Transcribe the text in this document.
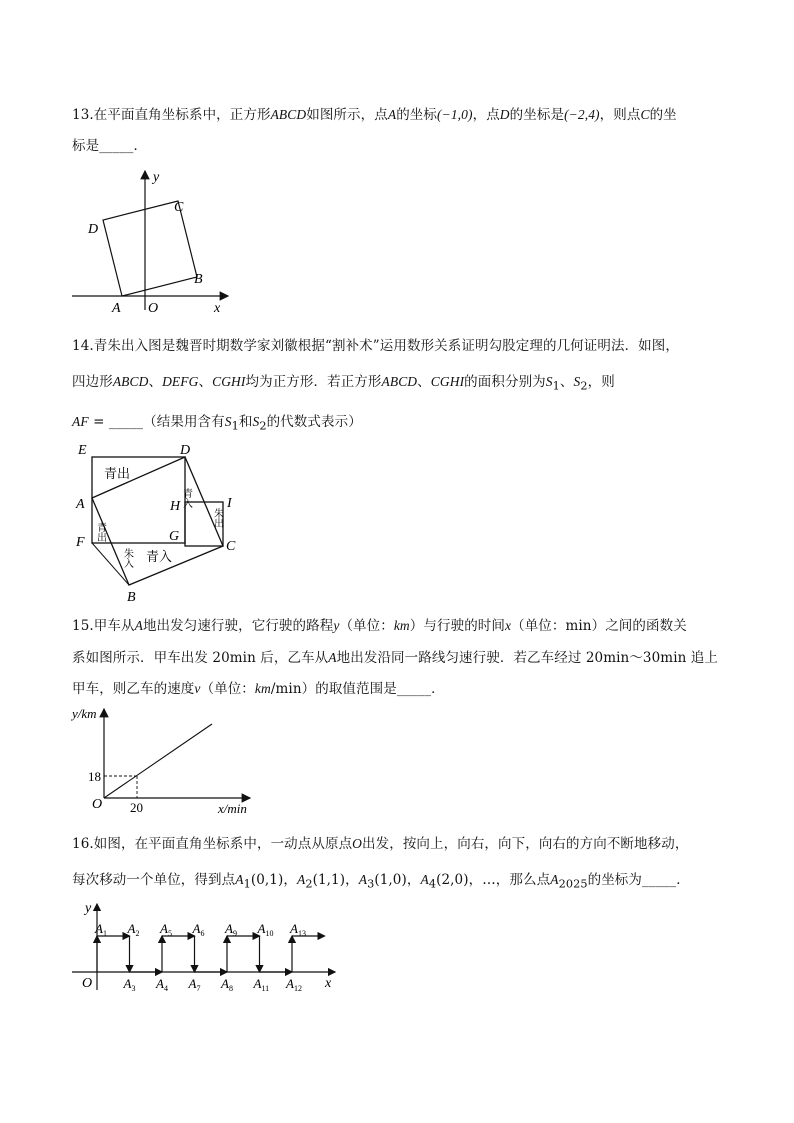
13.在平面直角坐标系中，正方形ABCD如图所示，点A的坐标(−1,0)，点D的坐标是(−2,4)，则点C的坐
标是_____．
D
C
B
A O	x
y
14.青朱出入图是魏晋时期数学家刘徽根据“割补术”运用数形关系证明勾股定理的几何证明法．如图，
四边形ABCD、DEFG、CGHI均为正方形．若正方形ABCD、CGHI的面积分别为$S_1$、$S_2$，则
AF = _____（结果用含有$S_1$和$S_2$的代数式表示）
E	D
A	H	I
F	G
C
B
青出
青入
朱出
青出
朱入 青入
15.甲车从A地出发匀速行驶，它行驶的路程y（单位：km）与行驶的时间x（单位：min）之间的函数关
系如图所示．甲车出发 20min 后，乙车从A地出发沿同一路线匀速行驶．若乙车经过 20min～30min 追上
甲车，则乙车的速度v（单位：km/min）的取值范围是_____．
y/km
18
O 20	x/min
16.如图，在平面直角坐标系中，一动点从原点O出发，按向上，向右，向下，向右的方向不断地移动，
每次移动一个单位，得到点$A_1(0,1)$，$A_2(1,1)$，$A_3(1,0)$，$A_4(2,0)$，…，那么点$A_{2025}$的坐标为_____．
y
O	x
$A_1$ $A_2$ $A_5$ $A_6$ $A_9$ $A_{10}$ $A_{13}$
$A_3$ $A_4$ $A_7$ $A_8$ $A_{11}$ $A_{12}$
